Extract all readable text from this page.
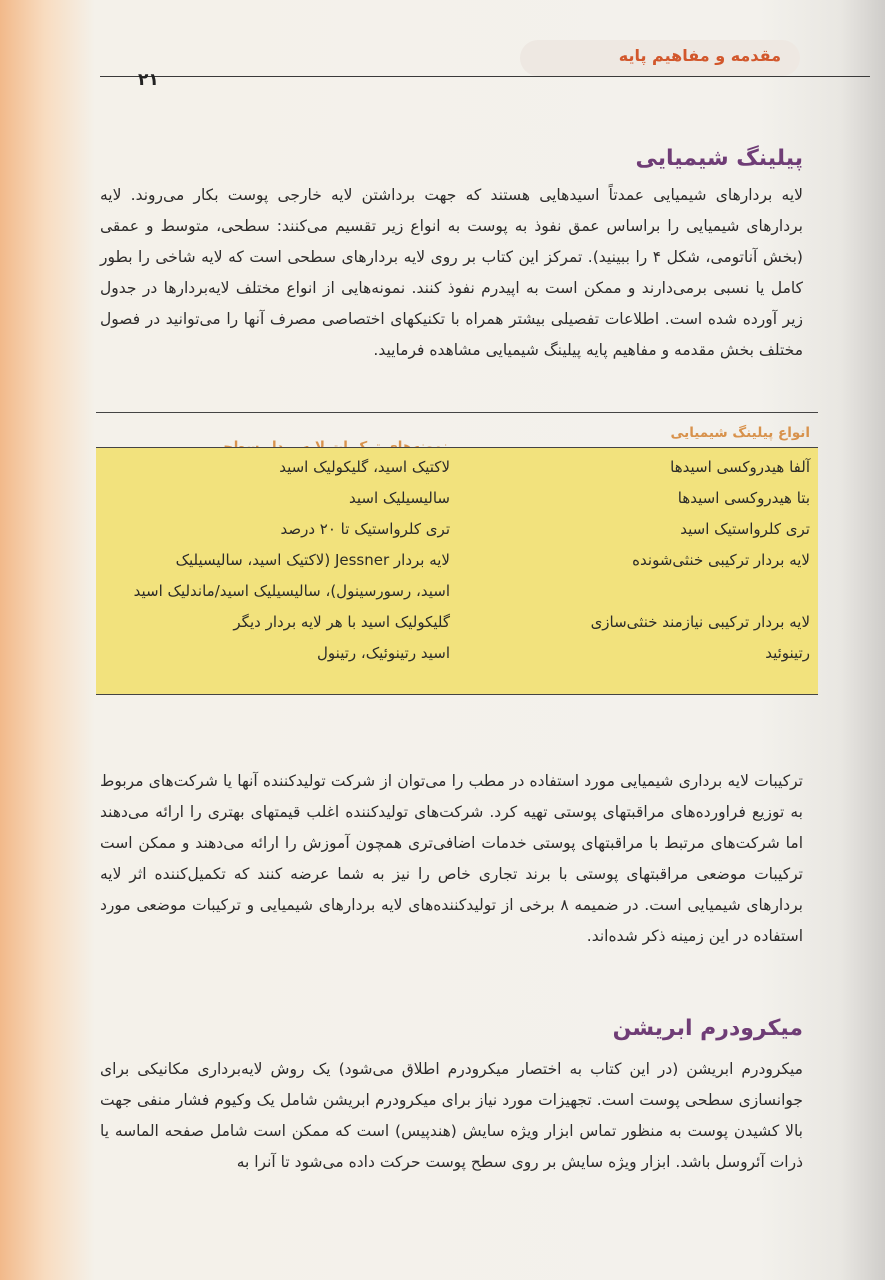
مقدمه و مفاهیم پایه
۲۱
پیلینگ شیمیایی
لایه بردارهای شیمیایی عمدتاً اسیدهایی هستند که جهت برداشتن لایه خارجی پوست بکار می‌روند. لایه بردارهای شیمیایی را براساس عمق نفوذ به پوست به انواع زیر تقسیم می‌کنند: سطحی، متوسط و عمقی (بخش آناتومی، شکل ۴ را ببینید). تمرکز این کتاب بر روی لایه بردارهای سطحی است که لایه شاخی را بطور کامل یا نسبی برمی‌دارند و ممکن است به اپیدرم نفوذ کنند. نمونه‌هایی از انواع مختلف لایه‌بردارها در جدول زیر آورده شده است. اطلاعات تفصیلی بیشتر همراه با تکنیکهای اختصاصی مصرف آنها را می‌توانید در فصول مختلف بخش مقدمه و مفاهیم پایه پیلینگ شیمیایی مشاهده فرمایید.
انواع پیلینگ شیمیایی
آلفا هیدروکسی اسیدها
بتا هیدروکسی اسیدها
تری کلرواستیک اسید
لایه بردار ترکیبی خنثی‌شونده
لایه بردار ترکیبی نیازمند خنثی‌سازی
رتینوئید
لاکتیک اسید، گلیکولیک اسید
سالیسیلیک اسید
تری کلرواستیک تا ۲۰ درصد
لایه بردار Jessner (لاکتیک اسید، سالیسیلیک
اسید، رسورسینول)، سالیسیلیک اسید/ماندلیک اسید
گلیکولیک اسید با هر لایه بردار دیگر
اسید رتینوئیک، رتینول
ترکیبات لایه برداری شیمیایی مورد استفاده در مطب را می‌توان از شرکت تولیدکننده آنها یا شرکت‌های مربوط به توزیع فراورده‌های مراقبتهای پوستی تهیه کرد. شرکت‌های تولیدکننده اغلب قیمتهای بهتری را ارائه می‌دهند اما شرکت‌های مرتبط با مراقبتهای پوستی خدمات اضافی‌تری همچون آموزش را ارائه می‌دهند و ممکن است ترکیبات موضعی مراقبتهای پوستی با برند تجاری خاص را نیز به شما عرضه کنند که تکمیل‌کننده اثر لایه بردارهای شیمیایی است. در ضمیمه ۸ برخی از تولیدکننده‌های لایه بردارهای شیمیایی و ترکیبات موضعی مورد استفاده در این زمینه ذکر شده‌اند.
میکرودرم ابریشن
میکرودرم ابریشن (در این کتاب به اختصار میکرودرم اطلاق می‌شود) یک روش لایه‌برداری مکانیکی برای جوانسازی سطحی پوست است. تجهیزات مورد نیاز برای میکرودرم ابریشن شامل یک وکیوم فشار منفی جهت بالا کشیدن پوست به منظور تماس ابزار ویژه سایش (هندپیس) است که ممکن است شامل صفحه الماسه یا ذرات آئروسل باشد. ابزار ویژه سایش بر روی سطح پوست حرکت داده می‌شود تا آنرا به
